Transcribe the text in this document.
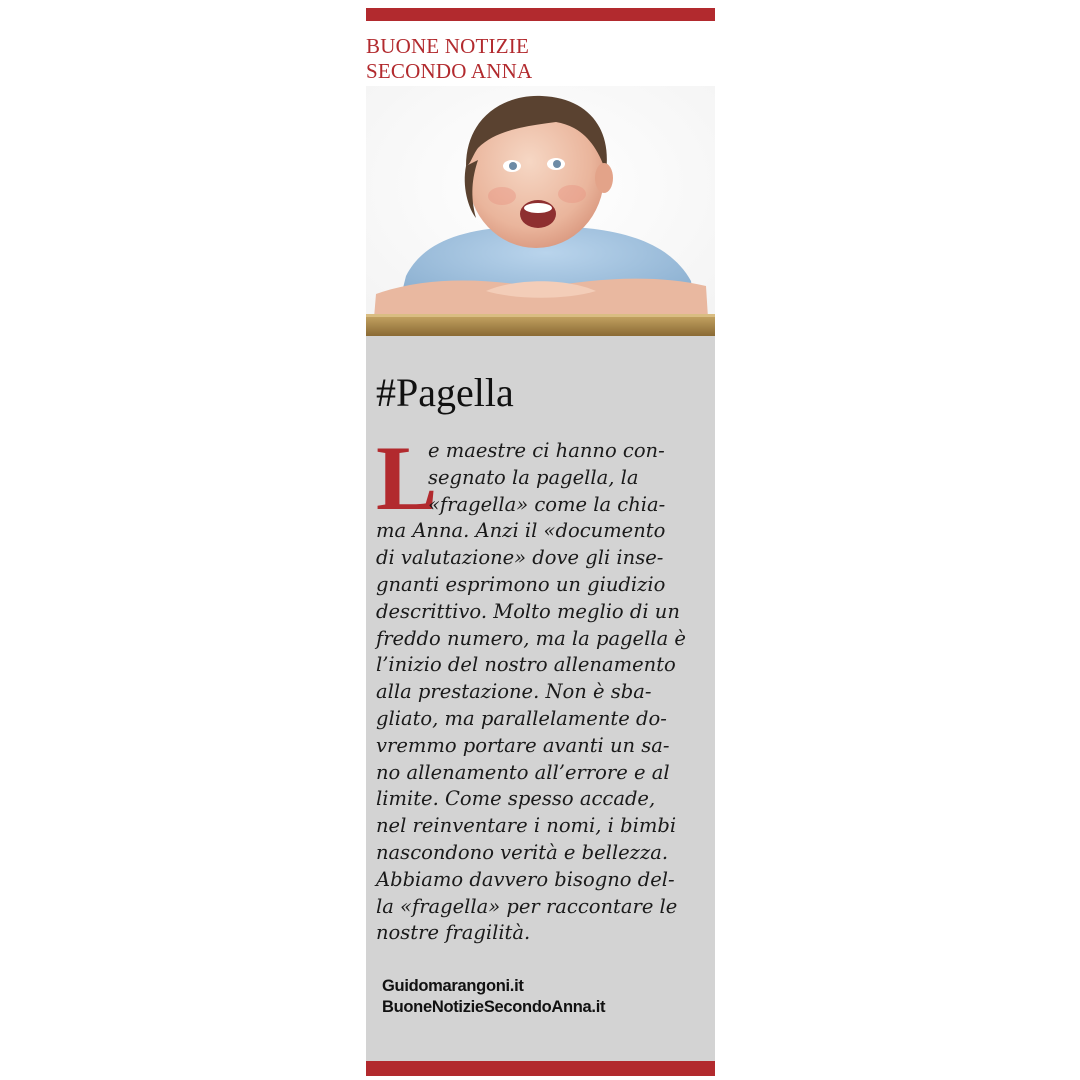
BUONE NOTIZIE
SECONDO ANNA
#Pagella
L
e maestre ci hanno con-
segnato la pagella, la
«fragella» come la chia-
ma Anna. Anzi il «documento
di valutazione» dove gli inse-
gnanti esprimono un giudizio
descrittivo. Molto meglio di un
freddo numero, ma la pagella è
l’inizio del nostro allenamento
alla prestazione. Non è sba-
gliato, ma parallelamente do-
vremmo portare avanti un sa-
no allenamento all’errore e al
limite. Come spesso accade,
nel reinventare i nomi, i bimbi
nascondono verità e bellezza.
Abbiamo davvero bisogno del-
la «fragella» per raccontare le
nostre fragilità.
Guidomarangoni.it
BuoneNotizieSecondoAnna.it
